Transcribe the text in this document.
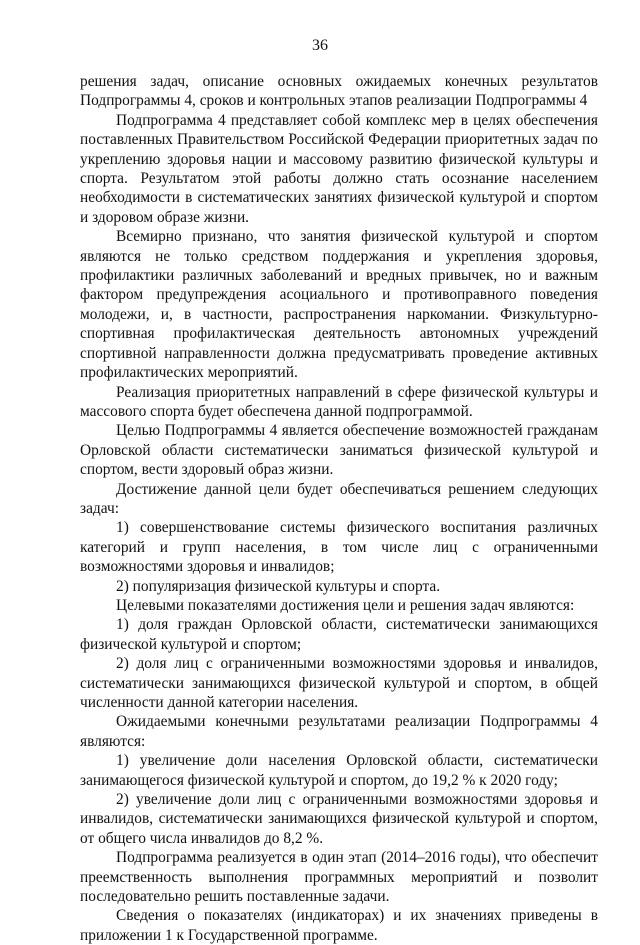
36

решения задач, описание основных ожидаемых конечных результатов Подпрограммы 4, сроков и контрольных этапов реализации Подпрограммы 4

Подпрограмма 4 представляет собой комплекс мер в целях обеспечения поставленных Правительством Российской Федерации приоритетных задач по укреплению здоровья нации и массовому развитию физической культуры и спорта. Результатом этой работы должно стать осознание населением необходимости в систематических занятиях физической культурой и спортом и здоровом образе жизни.

Всемирно признано, что занятия физической культурой и спортом являются не только средством поддержания и укрепления здоровья, профилактики различных заболеваний и вредных привычек, но и важным фактором предупреждения асоциального и противоправного поведения молодежи, и, в частности, распространения наркомании. Физкультурно-спортивная профилактическая деятельность автономных учреждений спортивной направленности должна предусматривать проведение активных профилактических мероприятий.

Реализация приоритетных направлений в сфере физической культуры и массового спорта будет обеспечена данной подпрограммой.

Целью Подпрограммы 4 является обеспечение возможностей гражданам Орловской области систематически заниматься физической культурой и спортом, вести здоровый образ жизни.

Достижение данной цели будет обеспечиваться решением следующих задач:

1) совершенствование системы физического воспитания различных категорий и групп населения, в том числе лиц с ограниченными возможностями здоровья и инвалидов;

2) популяризация физической культуры и спорта.

Целевыми показателями достижения цели и решения задач являются:

1) доля граждан Орловской области, систематически занимающихся физической культурой и спортом;

2) доля лиц с ограниченными возможностями здоровья и инвалидов, систематически занимающихся физической культурой и спортом, в общей численности данной категории населения.

Ожидаемыми конечными результатами реализации Подпрограммы 4 являются:

1) увеличение доли населения Орловской области, систематически занимающегося физической культурой и спортом, до 19,2 % к 2020 году;

2) увеличение доли лиц с ограниченными возможностями здоровья и инвалидов, систематически занимающихся физической культурой и спортом, от общего числа инвалидов до 8,2 %.

Подпрограмма реализуется в один этап (2014–2016 годы), что обеспечит преемственность выполнения программных мероприятий и позволит последовательно решить поставленные задачи.

Сведения о показателях (индикаторах) и их значениях приведены в приложении 1 к Государственной программе.
